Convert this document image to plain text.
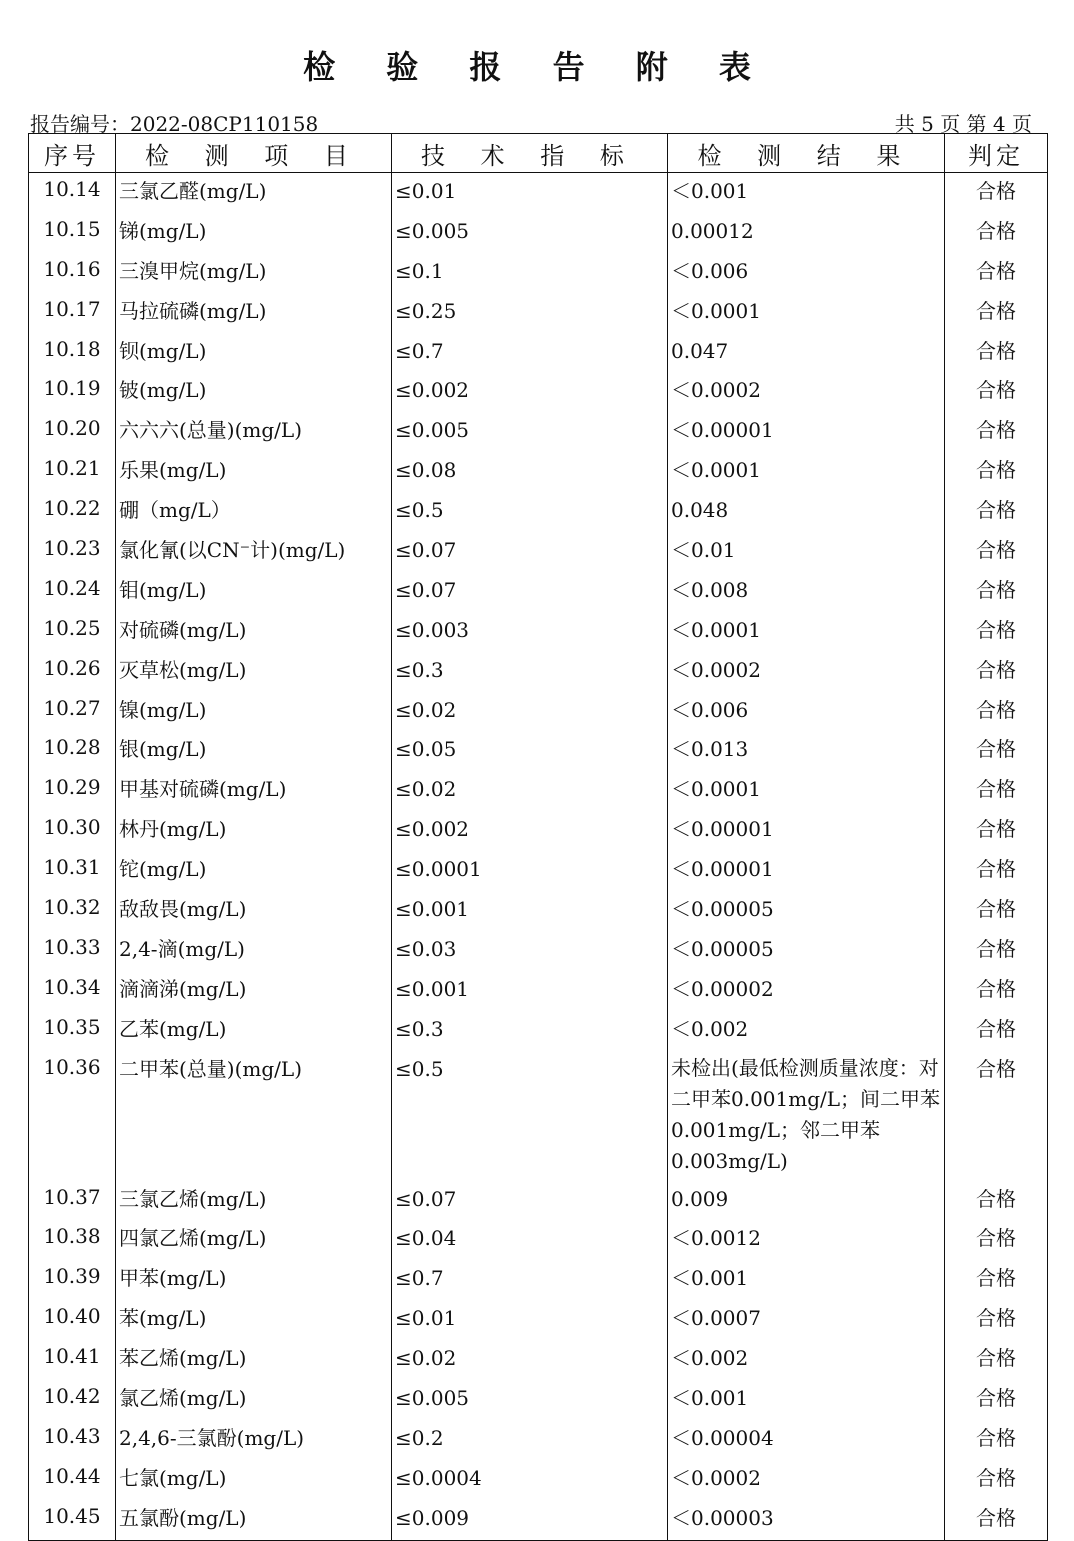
检 验 报 告 附 表
报告编号：2022-08CP110158	共 5 页 第 4 页
序号	检 测 项 目	技 术 指 标	检 测 结 果	判定
10.14	三氯乙醛(mg/L)	≤0.01	＜0.001	合格
10.15	锑(mg/L)	≤0.005	0.00012	合格
10.16	三溴甲烷(mg/L)	≤0.1	＜0.006	合格
10.17	马拉硫磷(mg/L)	≤0.25	＜0.0001	合格
10.18	钡(mg/L)	≤0.7	0.047	合格
10.19	铍(mg/L)	≤0.002	＜0.0002	合格
10.20	六六六(总量)(mg/L)	≤0.005	＜0.00001	合格
10.21	乐果(mg/L)	≤0.08	＜0.0001	合格
10.22	硼（mg/L）	≤0.5	0.048	合格
10.23	氯化氰(以CN⁻计)(mg/L)	≤0.07	＜0.01	合格
10.24	钼(mg/L)	≤0.07	＜0.008	合格
10.25	对硫磷(mg/L)	≤0.003	＜0.0001	合格
10.26	灭草松(mg/L)	≤0.3	＜0.0002	合格
10.27	镍(mg/L)	≤0.02	＜0.006	合格
10.28	银(mg/L)	≤0.05	＜0.013	合格
10.29	甲基对硫磷(mg/L)	≤0.02	＜0.0001	合格
10.30	林丹(mg/L)	≤0.002	＜0.00001	合格
10.31	铊(mg/L)	≤0.0001	＜0.00001	合格
10.32	敌敌畏(mg/L)	≤0.001	＜0.00005	合格
10.33	2,4-滴(mg/L)	≤0.03	＜0.00005	合格
10.34	滴滴涕(mg/L)	≤0.001	＜0.00002	合格
10.35	乙苯(mg/L)	≤0.3	＜0.002	合格
10.36	二甲苯(总量)(mg/L)	≤0.5	未检出(最低检测质量浓度：对二甲苯0.001mg/L；间二甲苯0.001mg/L；邻二甲苯0.003mg/L)	合格
10.37	三氯乙烯(mg/L)	≤0.07	0.009	合格
10.38	四氯乙烯(mg/L)	≤0.04	＜0.0012	合格
10.39	甲苯(mg/L)	≤0.7	＜0.001	合格
10.40	苯(mg/L)	≤0.01	＜0.0007	合格
10.41	苯乙烯(mg/L)	≤0.02	＜0.002	合格
10.42	氯乙烯(mg/L)	≤0.005	＜0.001	合格
10.43	2,4,6-三氯酚(mg/L)	≤0.2	＜0.00004	合格
10.44	七氯(mg/L)	≤0.0004	＜0.0002	合格
10.45	五氯酚(mg/L)	≤0.009	＜0.00003	合格
